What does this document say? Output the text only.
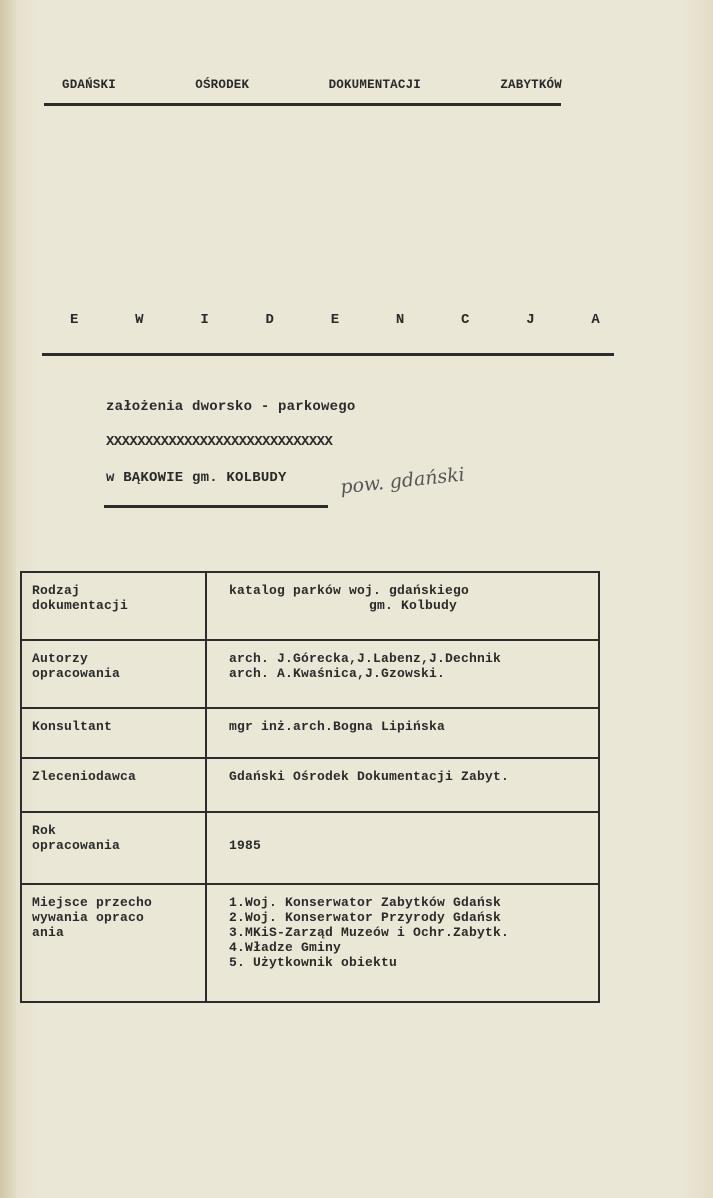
GDAŃSKI	OŚRODEK	DOKUMENTACJI	ZABYTKÓW
E	W	I	D	E	N	C	J	A
założenia dworsko - parkowego
XXXXXXXXXXXXXXXXXXXXXXXXXXXXX
w BĄKOWIE gm. KOLBUDY	pow. gdański
Rodzaj
dokumentacji	katalog parków woj. gdańskiego

gm. Kolbudy

Autorzy
opracowania	arch. J.Górecka,J.Labenz,J.Dechnik
arch. A.Kwaśnica,J.Gzowski.
Konsultant	mgr inż.arch.Bogna Lipińska
Zleceniodawca	Gdański Ośrodek Dokumentacji Zabyt.
Rok
opracowania	1985
Miejsce przecho
wywania opraco
ania	1.Woj. Konserwator Zabytków Gdańsk
2.Woj. Konserwator Przyrody Gdańsk
3.MKiS-Zarząd Muzeów i Ochr.Zabytk.
4.Władze Gminy
5. Użytkownik obiektu
